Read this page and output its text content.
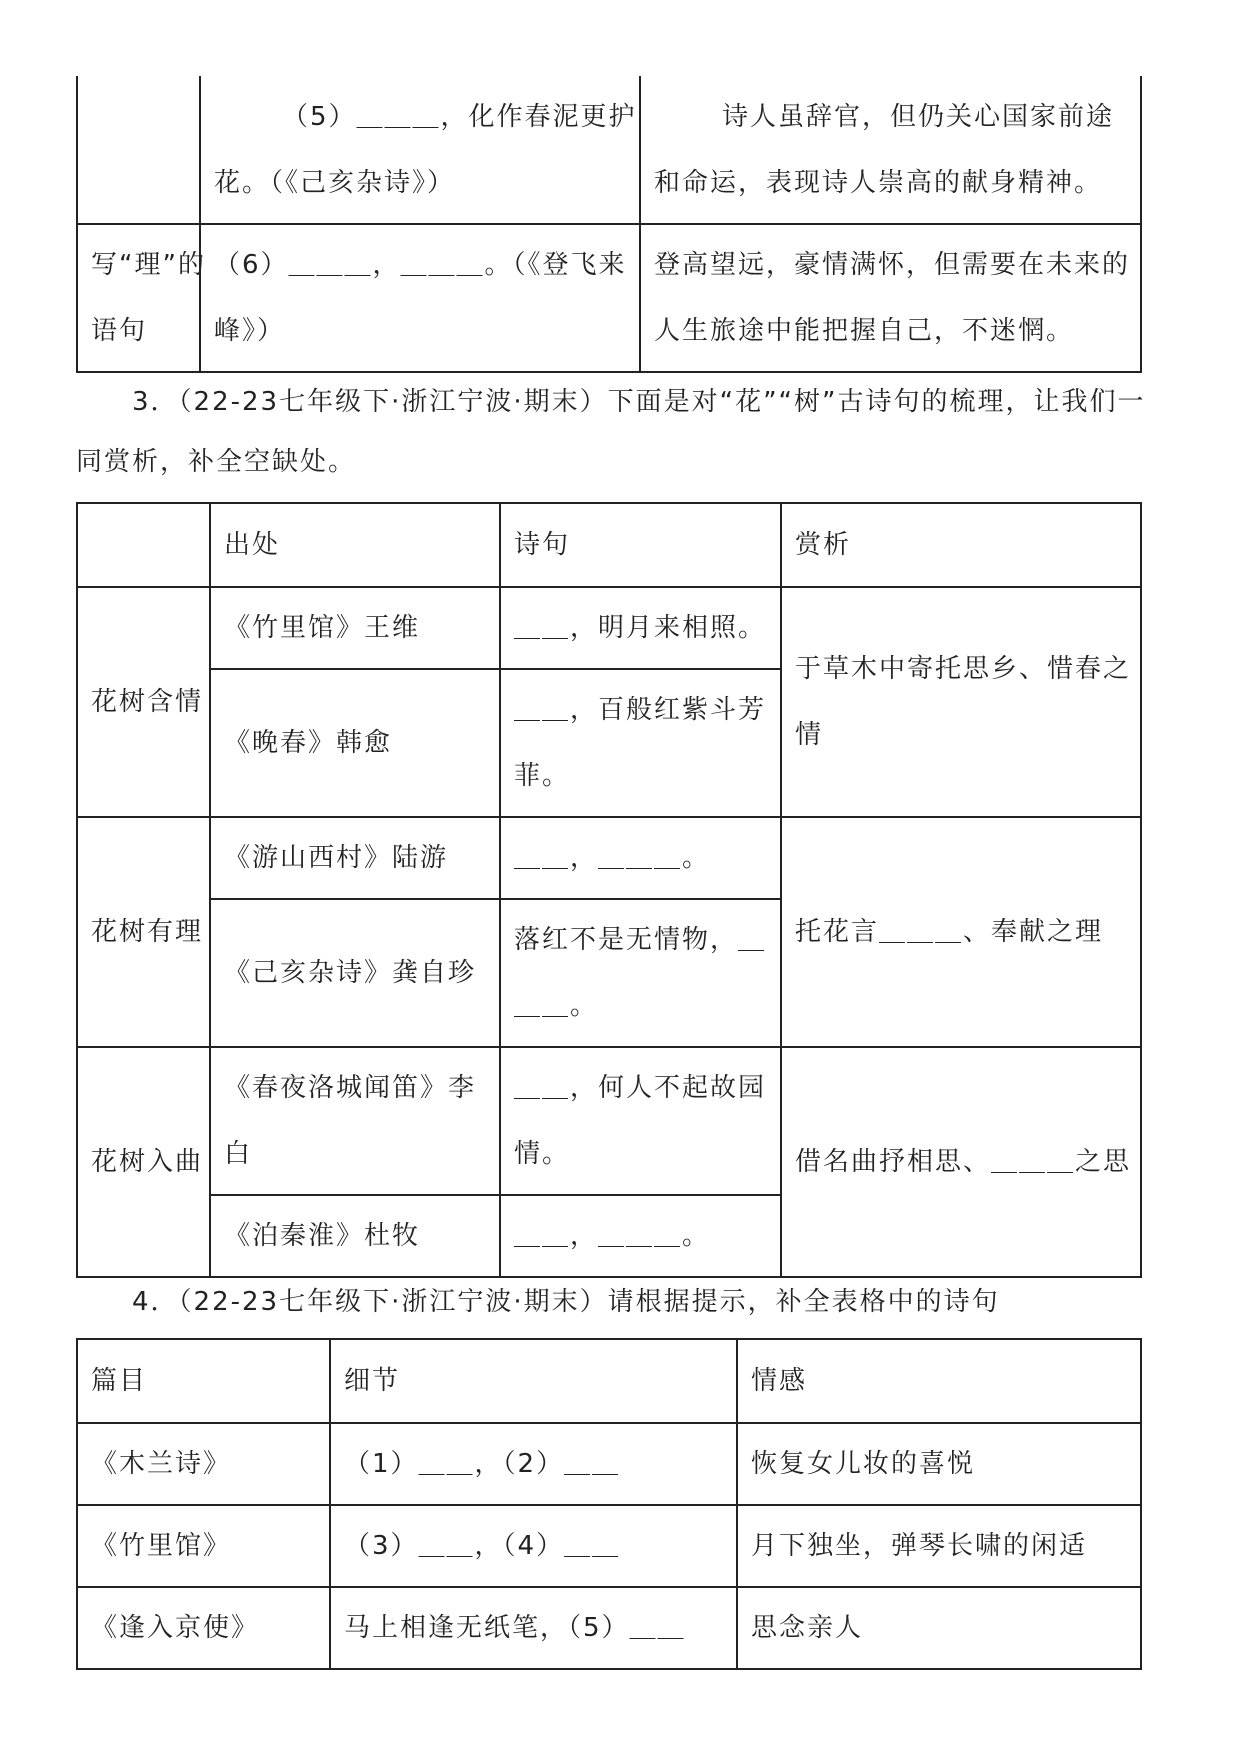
	（5）＿＿＿，化作春泥更护花。（《己亥杂诗》）	诗人虽辞官，但仍关心国家前途和命运，表现诗人崇高的献身精神。
写“理”的语句	（6）＿＿＿，＿＿＿。（《登飞来峰》）	登高望远，豪情满怀，但需要在未来的人生旅途中能把握自己，不迷惘。
3．（22-23七年级下·浙江宁波·期末）下面是对“花”“树”古诗句的梳理，让我们一
同赏析，补全空缺处。
	出处	诗句	赏析
花树含情	《竹里馆》王维	＿＿，明月来相照。	于草木中寄托思乡、惜春之情
	《晚春》韩愈	＿＿，百般红紫斗芳菲。	
花树有理	《游山西村》陆游	＿＿，＿＿＿。	托花言＿＿＿、奉献之理
	《己亥杂诗》龚自珍	落红不是无情物，＿＿＿。	
花树入曲	《春夜洛城闻笛》李白	＿＿，何人不起故园情。	借名曲抒相思、＿＿＿之思
	《泊秦淮》杜牧	＿＿，＿＿＿。	
4．（22-23七年级下·浙江宁波·期末）请根据提示，补全表格中的诗句
篇目	细节	情感
《木兰诗》	（1）＿＿，（2）＿＿	恢复女儿妆的喜悦
《竹里馆》	（3）＿＿，（4）＿＿	月下独坐，弹琴长啸的闲适
《逢入京使》	马上相逢无纸笔，（5）＿＿	思念亲人
